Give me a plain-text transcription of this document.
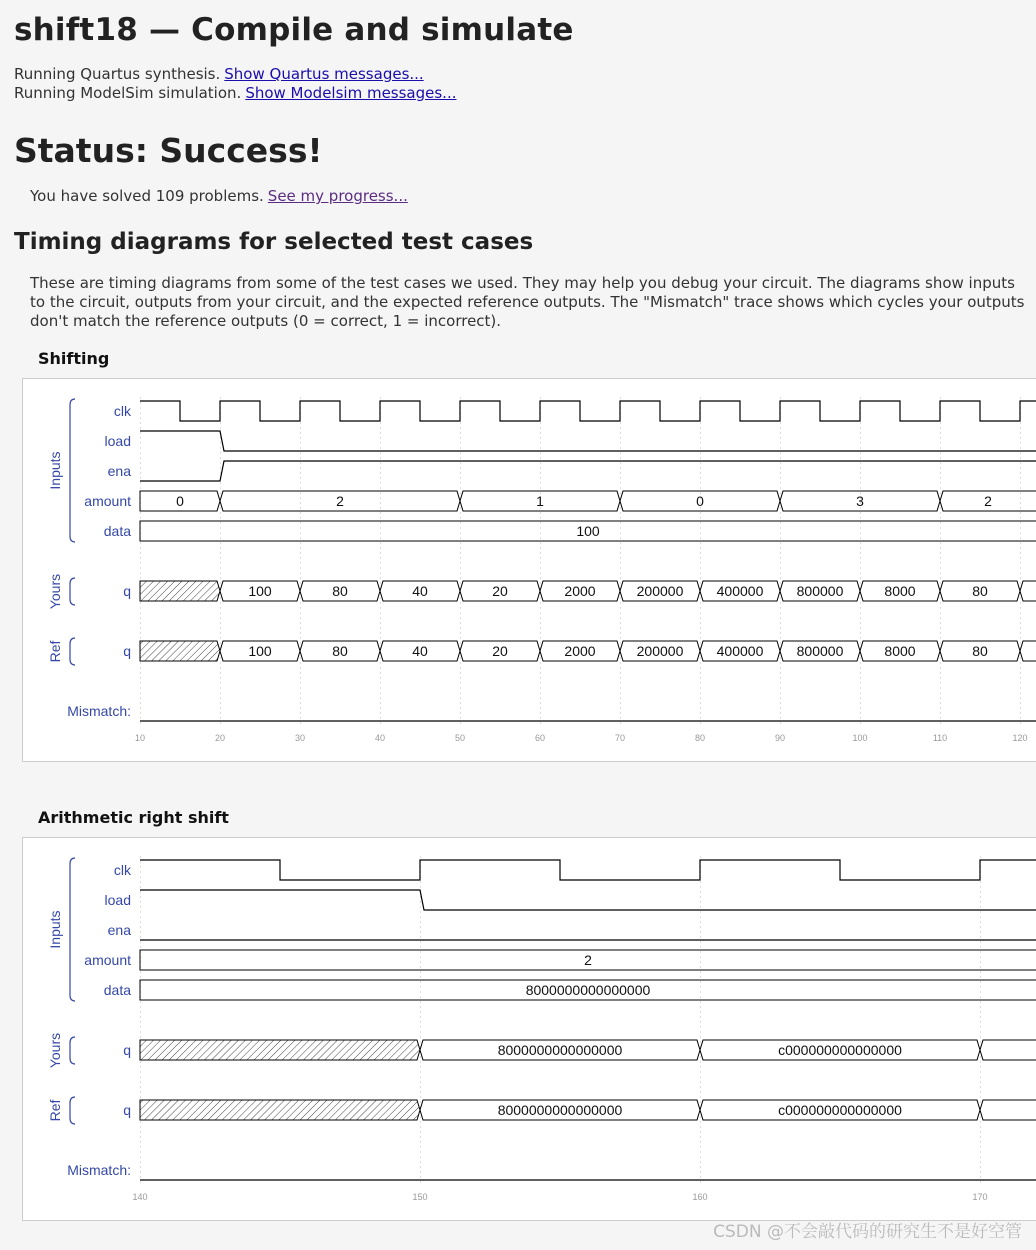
shift18 — Compile and simulate
Running Quartus synthesis. Show Quartus messages...
Running ModelSim simulation. Show Modelsim messages...
Status: Success!
You have solved 109 problems. See my progress...
Timing diagrams for selected test cases
These are timing diagrams from some of the test cases we used. They may help you debug your circuit. The diagrams show inputs to the circuit, outputs from your circuit, and the expected reference outputs. The "Mismatch" trace shows which cycles your outputs don't match the reference outputs (0 = correct, 1 = incorrect).
Shifting
10	20	30	40	50	60	70	80	90	100	110	120
Inputs
clk
load
ena
amount	0	2	1	0	3	2
data	100
Yours	q	100	80	40	20	2000	200000 400000 800000	8000	80
Ref	q	100	80	40	20	2000	200000 400000 800000	8000	80
Mismatch:
Arithmetic right shift
140	150	160	170
Inputs
clk
load
ena
amount	2
data	8000000000000000
Yours	q	8000000000000000	c000000000000000
Ref	q	8000000000000000	c000000000000000
Mismatch:
CSDN @不会敲代码的研究生不是好空管
